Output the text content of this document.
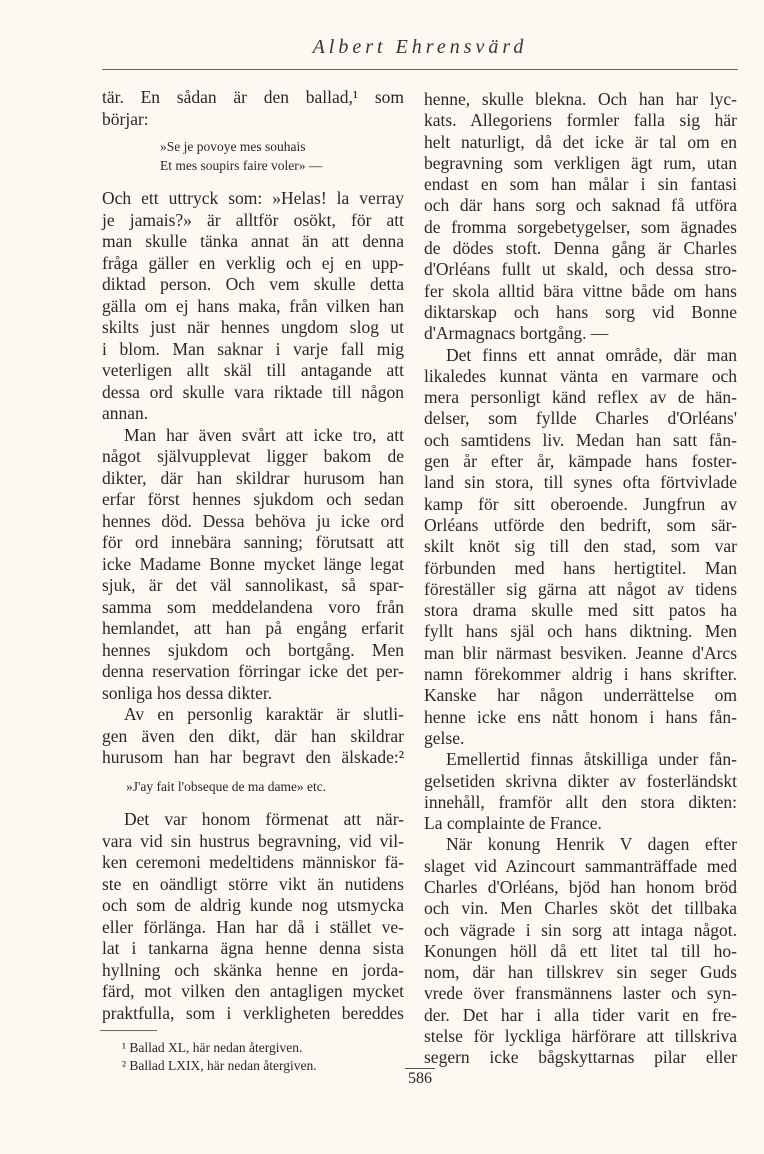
Albert Ehrensvärd
tär. En sådan är den ballad,¹ som
börjar:
»Se je povoye mes souhais
Et mes soupirs faire voler» —
Och ett uttryck som: »Helas! la verray
je jamais?» är alltför osökt, för att
man skulle tänka annat än att denna
fråga gäller en verklig och ej en upp-
diktad person. Och vem skulle detta
gälla om ej hans maka, från vilken han
skilts just när hennes ungdom slog ut
i blom. Man saknar i varje fall mig
veterligen allt skäl till antagande att
dessa ord skulle vara riktade till någon
annan.
Man har även svårt att icke tro, att
något självupplevat ligger bakom de
dikter, där han skildrar hurusom han
erfar först hennes sjukdom och sedan
hennes död. Dessa behöva ju icke ord
för ord innebära sanning; förutsatt att
icke Madame Bonne mycket länge legat
sjuk, är det väl sannolikast, så spar-
samma som meddelandena voro från
hemlandet, att han på engång erfarit
hennes sjukdom och bortgång. Men
denna reservation förringar icke det per-
sonliga hos dessa dikter.
Av en personlig karaktär är slutli-
gen även den dikt, där han skildrar
hurusom han har begravt den älskade:²
»J'ay fait l'obseque de ma dame» etc.
Det var honom förmenat att när-
vara vid sin hustrus begravning, vid vil-
ken ceremoni medeltidens människor fä-
ste en oändligt större vikt än nutidens
och som de aldrig kunde nog utsmycka
eller förlänga. Han har då i stället ve-
lat i tankarna ägna henne denna sista
hyllning och skänka henne en jorda-
färd, mot vilken den antagligen mycket
praktfulla, som i verkligheten bereddes
¹ Ballad XL, här nedan återgiven.
² Ballad LXIX, här nedan återgiven.
henne, skulle blekna. Och han har lyc-
kats. Allegoriens formler falla sig här
helt naturligt, då det icke är tal om en
begravning som verkligen ägt rum, utan
endast en som han målar i sin fantasi
och där hans sorg och saknad få utföra
de fromma sorgebetygelser, som ägnades
de dödes stoft. Denna gång är Charles
d'Orléans fullt ut skald, och dessa stro-
fer skola alltid bära vittne både om hans
diktarskap och hans sorg vid Bonne
d'Armagnacs bortgång. —
Det finns ett annat område, där man
likaledes kunnat vänta en varmare och
mera personligt känd reflex av de hän-
delser, som fyllde Charles d'Orléans'
och samtidens liv. Medan han satt fån-
gen år efter år, kämpade hans foster-
land sin stora, till synes ofta förtvivlade
kamp för sitt oberoende. Jungfrun av
Orléans utförde den bedrift, som sär-
skilt knöt sig till den stad, som var
förbunden med hans hertigtitel. Man
föreställer sig gärna att något av tidens
stora drama skulle med sitt patos ha
fyllt hans själ och hans diktning. Men
man blir närmast besviken. Jeanne d'Arcs
namn förekommer aldrig i hans skrifter.
Kanske har någon underrättelse om
henne icke ens nått honom i hans fån-
gelse.
Emellertid finnas åtskilliga under fån-
gelsetiden skrivna dikter av fosterländskt
innehåll, framför allt den stora dikten:
La complainte de France.
När konung Henrik V dagen efter
slaget vid Azincourt sammanträffade med
Charles d'Orléans, bjöd han honom bröd
och vin. Men Charles sköt det tillbaka
och vägrade i sin sorg att intaga något.
Konungen höll då ett litet tal till ho-
nom, där han tillskrev sin seger Guds
vrede över fransmännens laster och syn-
der. Det har i alla tider varit en fre-
stelse för lyckliga härförare att tillskriva
segern icke bågskyttarnas pilar eller
586
